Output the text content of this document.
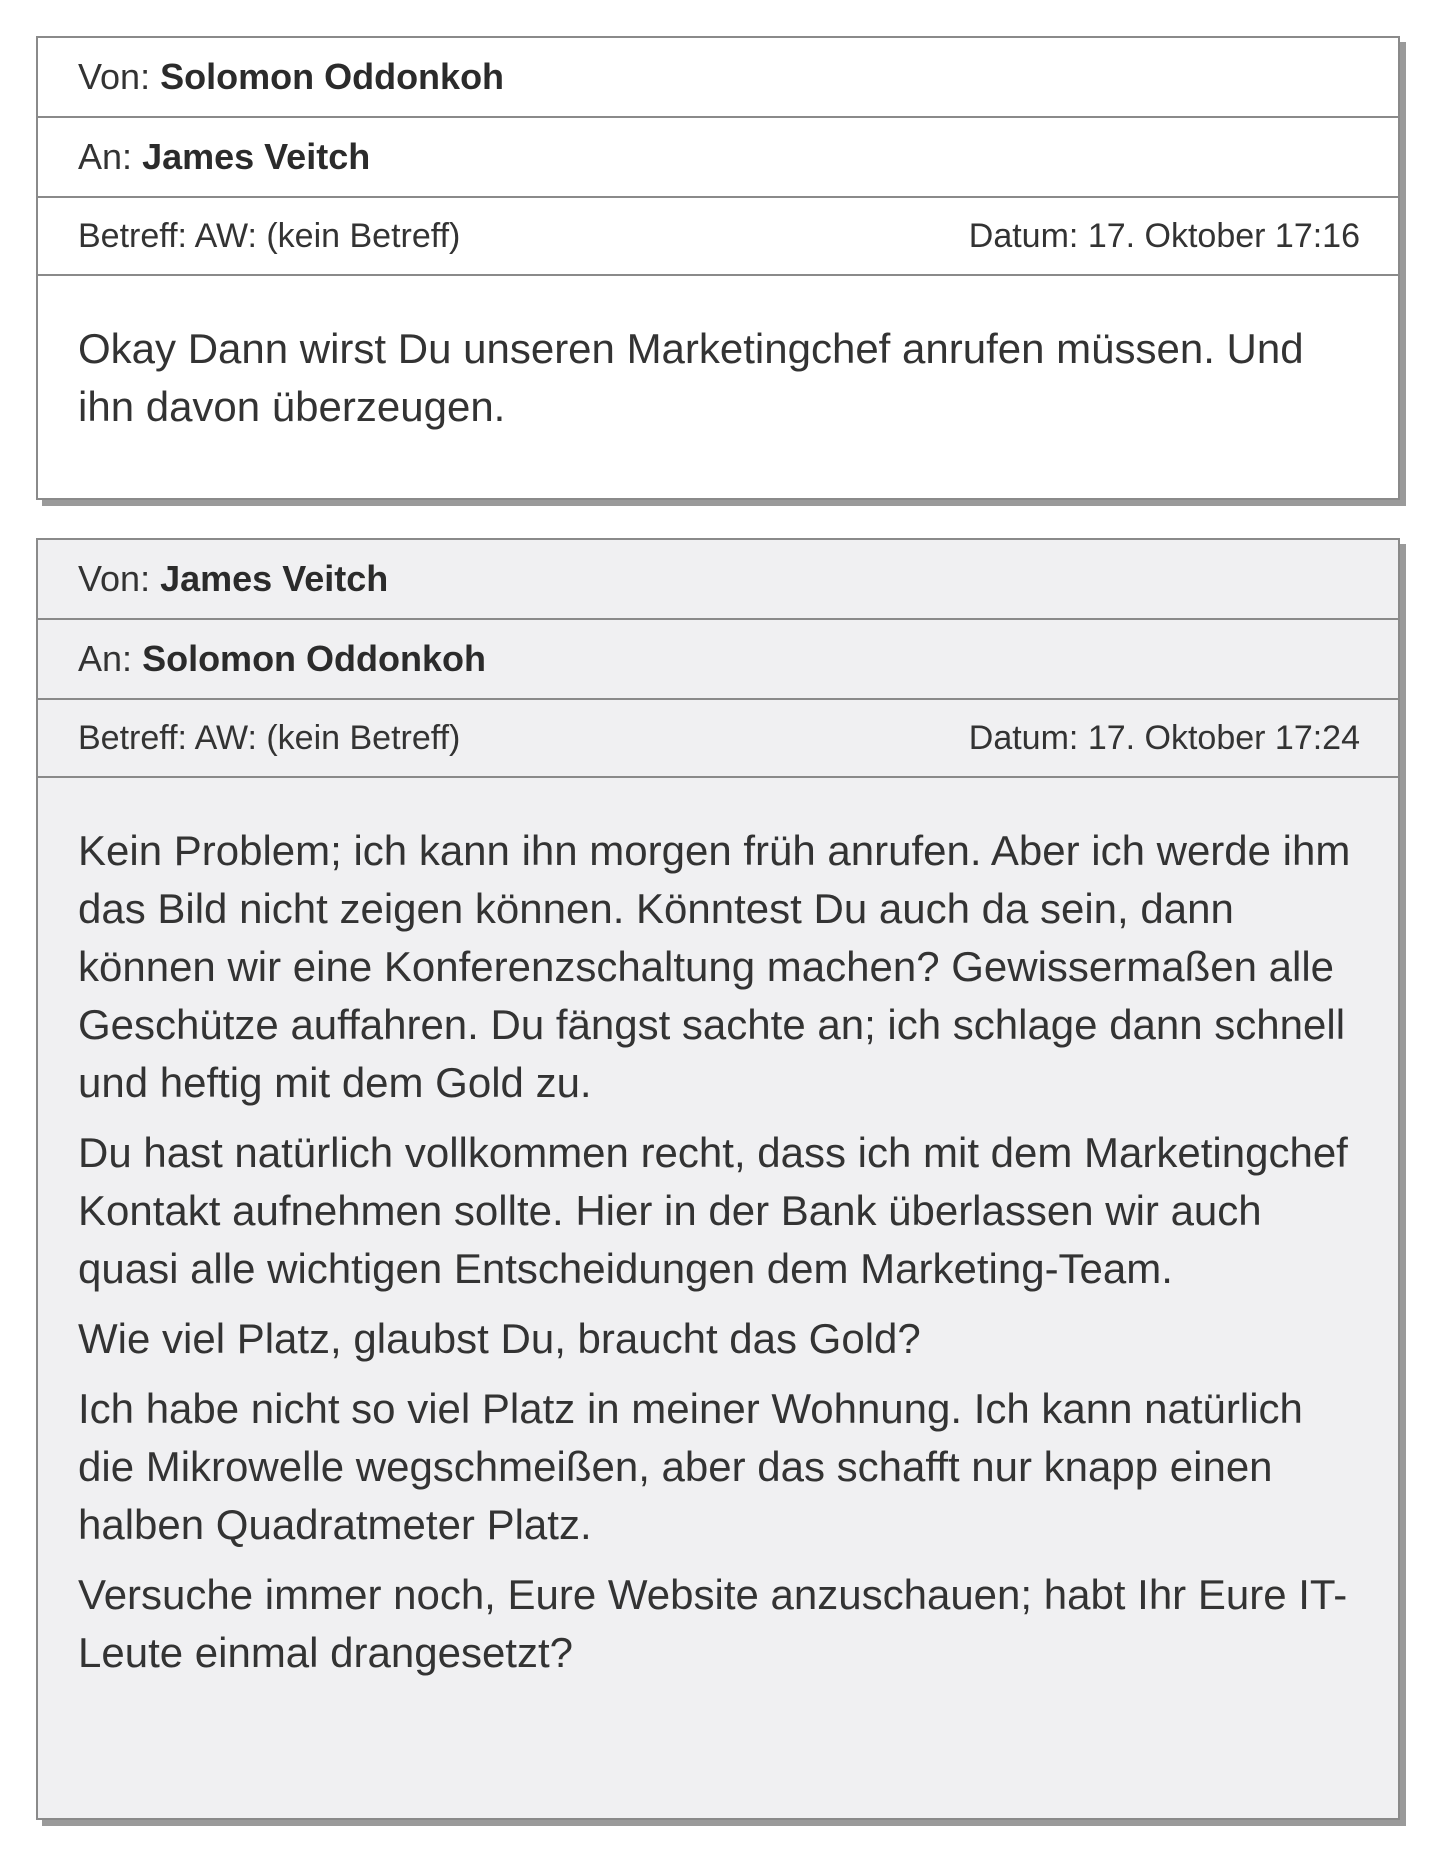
Von: Solomon Oddonkoh
An: James Veitch
Betreff: AW: (kein Betreff)	Datum: 17. Oktober 17:16

Okay Dann wirst Du unseren Marketingchef anrufen müssen. Und ihn davon überzeugen.

Von: James Veitch
An: Solomon Oddonkoh
Betreff: AW: (kein Betreff)	Datum: 17. Oktober 17:24

Kein Problem; ich kann ihn morgen früh anrufen. Aber ich werde ihm das Bild nicht zeigen können. Könntest Du auch da sein, dann können wir eine Konferenzschaltung machen? Gewissermaßen alle Geschütze auffahren. Du fängst sachte an; ich schlage dann schnell und heftig mit dem Gold zu.

Du hast natürlich vollkommen recht, dass ich mit dem Marketingchef Kontakt aufnehmen sollte. Hier in der Bank überlassen wir auch quasi alle wichtigen Entscheidungen dem Marketing-Team.

Wie viel Platz, glaubst Du, braucht das Gold?

Ich habe nicht so viel Platz in meiner Wohnung. Ich kann natürlich die Mikrowelle wegschmeißen, aber das schafft nur knapp einen halben Quadratmeter Platz.

Versuche immer noch, Eure Website anzuschauen; habt Ihr Eure IT-Leute einmal drangesetzt?
